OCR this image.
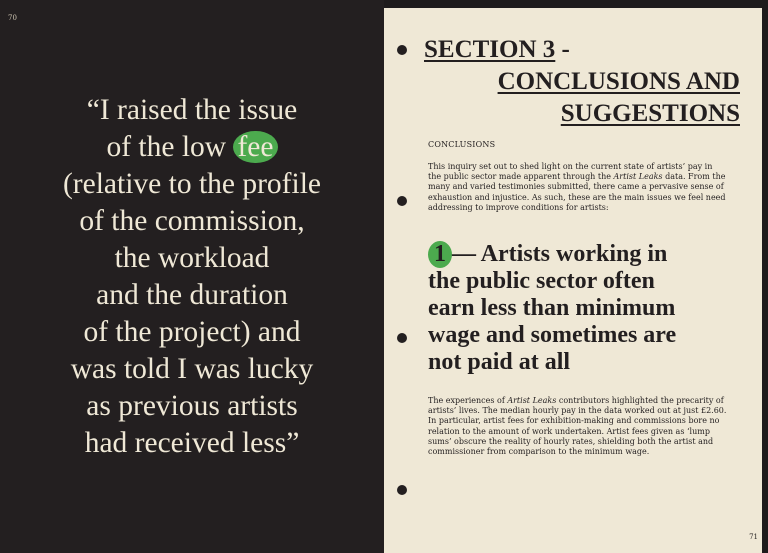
70
“I raised the issue
of the low fee
(relative to the profile
of the commission,
the workload
and the duration
of the project) and
was told I was lucky
as previous artists
had received less”
SECTION 3 -
CONCLUSIONS AND
SUGGESTIONS
CONCLUSIONS
This inquiry set out to shed light on the current state of artists’ pay in
the public sector made apparent through the Artist Leaks data. From the
many and varied testimonies submitted, there came a pervasive sense of
exhaustion and injustice. As such, these are the main issues we feel need
addressing to improve conditions for artists:
1 — Artists working in
the public sector often
earn less than minimum
wage and sometimes are
not paid at all
The experiences of Artist Leaks contributors highlighted the precarity of
artists’ lives. The median hourly pay in the data worked out at just £2.60.
In particular, artist fees for exhibition-making and commissions bore no
relation to the amount of work undertaken. Artist fees given as ‘lump
sums’ obscure the reality of hourly rates, shielding both the artist and
commissioner from comparison to the minimum wage.
71
